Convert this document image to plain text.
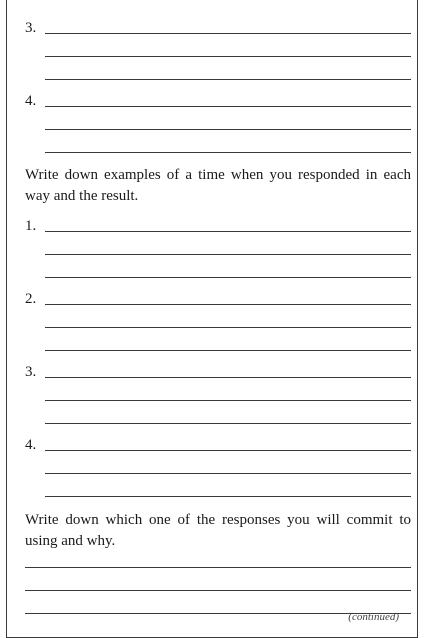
3.
4.
Write down examples of a time when you responded in each way and the result.
1.
2.
3.
4.
Write down which one of the responses you will commit to using and why.
(continued)
